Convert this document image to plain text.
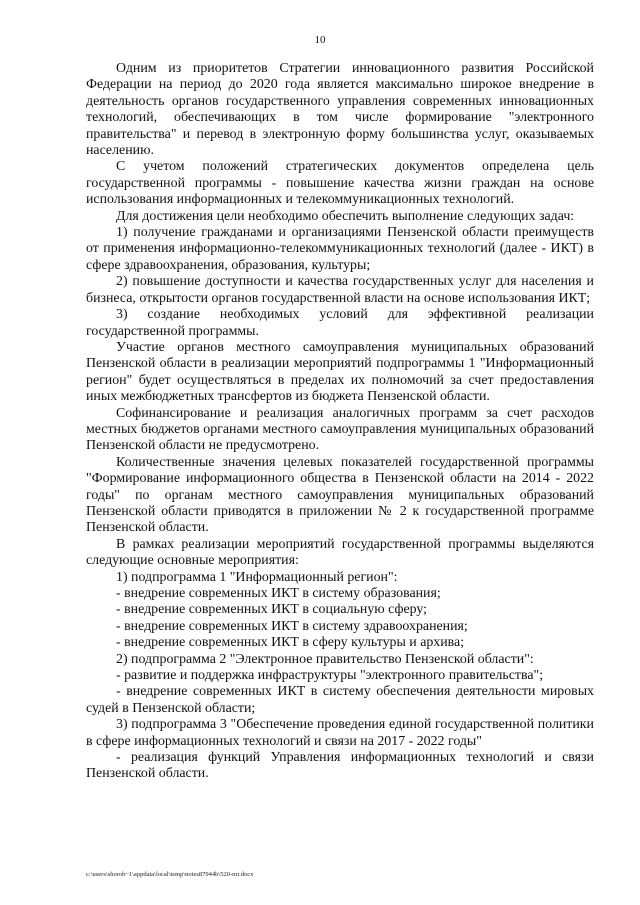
10

Одним из приоритетов Стратегии инновационного развития Российской Федерации на период до 2020 года является максимально широкое внедрение в деятельность органов государственного управления современных инновационных технологий, обеспечивающих в том числе формирование "электронного правительства" и перевод в электронную форму большинства услуг, оказываемых населению.

С учетом положений стратегических документов определена цель государственной программы - повышение качества жизни граждан на основе использования информационных и телекоммуникационных технологий.

Для достижения цели необходимо обеспечить выполнение следующих задач:

1) получение гражданами и организациями Пензенской области преимуществ от применения информационно-телекоммуникационных технологий (далее - ИКТ) в сфере здравоохранения, образования, культуры;

2) повышение доступности и качества государственных услуг для населения и бизнеса, открытости органов государственной власти на основе использования ИКТ;

3) создание необходимых условий для эффективной реализации государственной программы.

Участие органов местного самоуправления муниципальных образований Пензенской области в реализации мероприятий подпрограммы 1 "Информационный регион" будет осуществляться в пределах их полномочий за счет предоставления иных межбюджетных трансфертов из бюджета Пензенской области.

Софинансирование и реализация аналогичных программ за счет расходов местных бюджетов органами местного самоуправления муниципальных образований Пензенской области не предусмотрено.

Количественные значения целевых показателей государственной программы "Формирование информационного общества в Пензенской области на 2014 - 2022 годы" по органам местного самоуправления муниципальных образований Пензенской области приводятся в приложении № 2 к государственной программе Пензенской области.

В рамках реализации мероприятий государственной программы выделяются следующие основные мероприятия:

1) подпрограмма 1 "Информационный регион":

- внедрение современных ИКТ в систему образования;

- внедрение современных ИКТ в социальную сферу;

- внедрение современных ИКТ в систему здравоохранения;

- внедрение современных ИКТ в сферу культуры и архива;

2) подпрограмма 2 "Электронное правительство Пензенской области":

- развитие и поддержка инфраструктуры "электронного правительства";

- внедрение современных ИКТ в систему обеспечения деятельности мировых судей в Пензенской области;

3) подпрограмма 3 "Обеспечение проведения единой государственной политики в сфере информационных технологий и связи на 2017 - 2022 годы"

- реализация функций Управления информационных технологий и связи Пензенской области.

c:\users\shorob~1\appdata\local\temp\notes87944b\520-пп.docx
